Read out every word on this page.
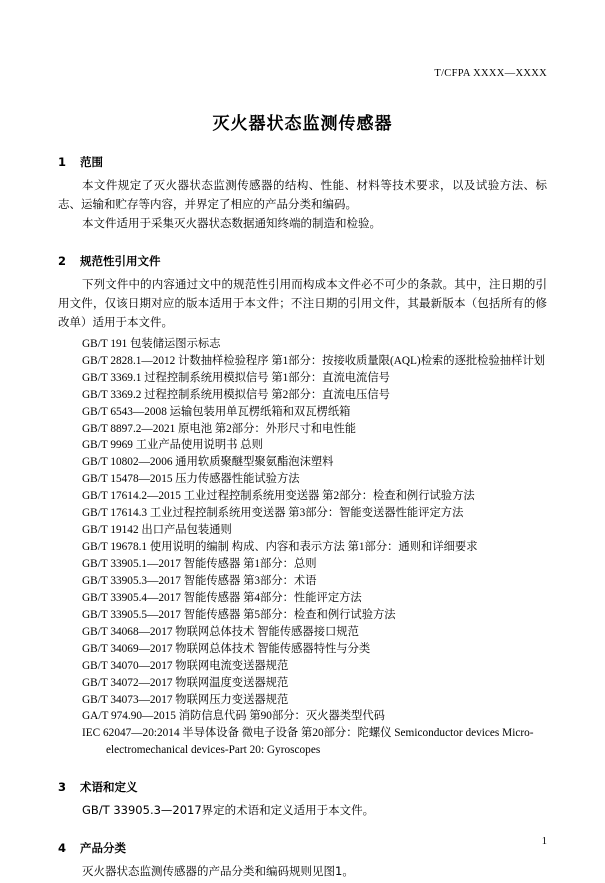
T/CFPA XXXX—XXXX
灭火器状态监测传感器
1 范围

本文件规定了灭火器状态监测传感器的结构、性能、材料等技术要求，以及试验方法、标志、运输和贮存等内容，并界定了相应的产品分类和编码。

本文件适用于采集灭火器状态数据通知终端的制造和检验。

2 规范性引用文件

下列文件中的内容通过文中的规范性引用而构成本文件必不可少的条款。其中，注日期的引用文件，仅该日期对应的版本适用于本文件；不注日期的引用文件，其最新版本（包括所有的修改单）适用于本文件。

GB/T 191 包装储运图示标志
GB/T 2828.1—2012 计数抽样检验程序 第1部分：按接收质量限(AQL)检索的逐批检验抽样计划
GB/T 3369.1 过程控制系统用模拟信号 第1部分：直流电流信号
GB/T 3369.2 过程控制系统用模拟信号 第2部分：直流电压信号
GB/T 6543—2008 运输包装用单瓦楞纸箱和双瓦楞纸箱
GB/T 8897.2—2021 原电池 第2部分：外形尺寸和电性能
GB/T 9969 工业产品使用说明书 总则
GB/T 10802—2006 通用软质聚醚型聚氨酯泡沫塑料
GB/T 15478—2015 压力传感器性能试验方法
GB/T 17614.2—2015 工业过程控制系统用变送器 第2部分：检查和例行试验方法
GB/T 17614.3 工业过程控制系统用变送器 第3部分：智能变送器性能评定方法
GB/T 19142 出口产品包装通则
GB/T 19678.1 使用说明的编制 构成、内容和表示方法 第1部分：通则和详细要求
GB/T 33905.1—2017 智能传感器 第1部分：总则
GB/T 33905.3—2017 智能传感器 第3部分：术语
GB/T 33905.4—2017 智能传感器 第4部分：性能评定方法
GB/T 33905.5—2017 智能传感器 第5部分：检查和例行试验方法
GB/T 34068—2017 物联网总体技术 智能传感器接口规范
GB/T 34069—2017 物联网总体技术 智能传感器特性与分类
GB/T 34070—2017 物联网电流变送器规范
GB/T 34072—2017 物联网温度变送器规范
GB/T 34073—2017 物联网压力变送器规范
GA/T 974.90—2015 消防信息代码 第90部分：灭火器类型代码
IEC 62047—20:2014 半导体设备 微电子设备 第20部分：陀螺仪 Semiconductor devices Micro-electromechanical devices-Part 20: Gyroscopes
3 术语和定义

GB/T 33905.3—2017界定的术语和定义适用于本文件。

4 产品分类

灭火器状态监测传感器的产品分类和编码规则见图1。

1
